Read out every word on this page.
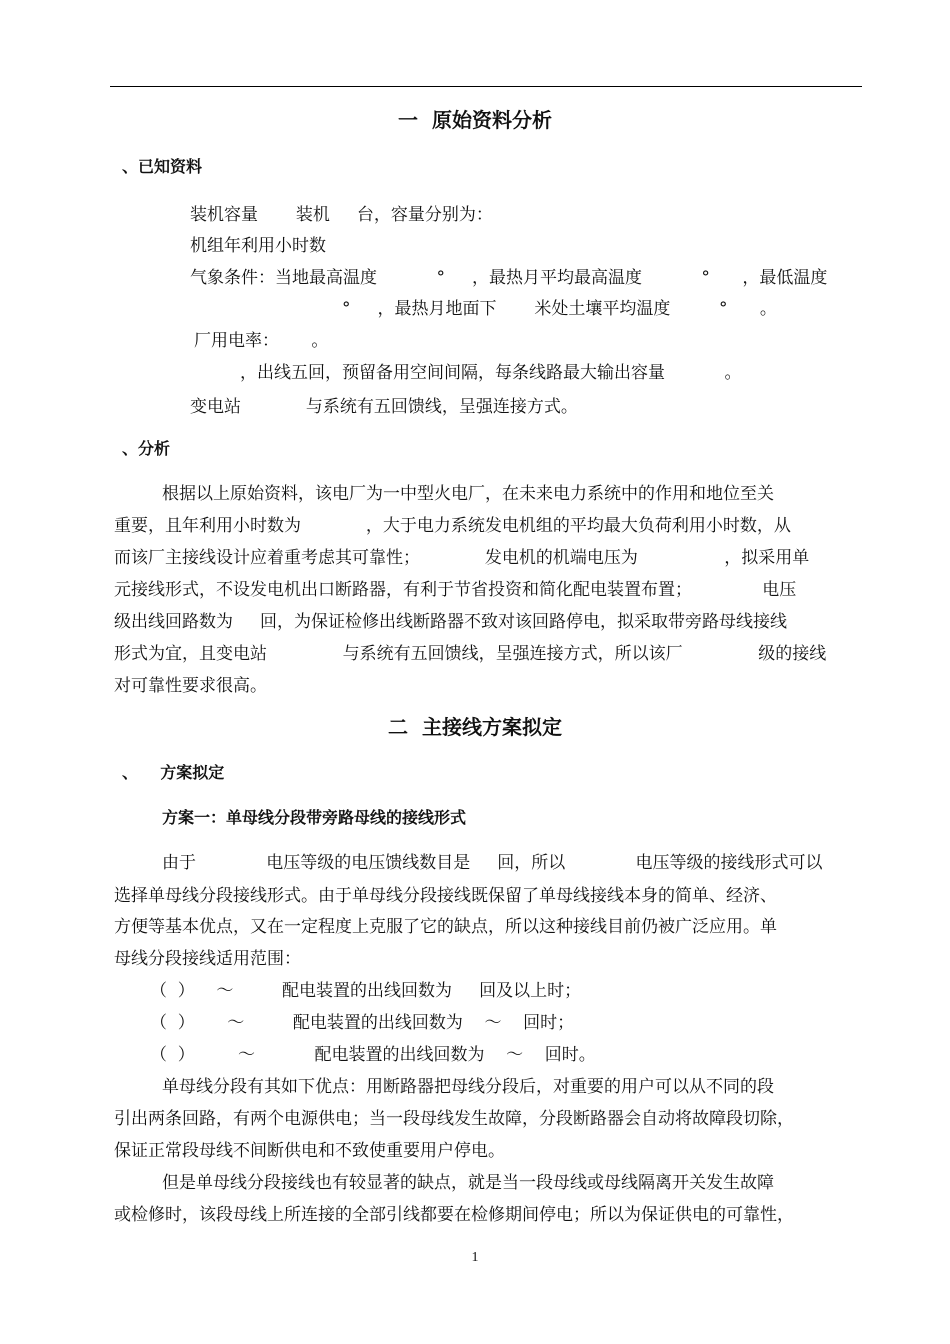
一  原始资料分析
、已知资料
装机容量       装机     台，容量分别为：
机组年利用小时数
气象条件：当地最高温度           °     ，最热月平均最高温度           °      ，最低温度
°     ，最热月地面下       米处土壤平均温度         °      。
厂用电率：      。
，出线五回，预留备用空间间隔，每条线路最大输出容量           。
变电站            与系统有五回馈线，呈强连接方式。
、分析
根据以上原始资料，该电厂为一中型火电厂，在未来电力系统中的作用和地位至关
重要，且年利用小时数为            ，大于电力系统发电机组的平均最大负荷利用小时数，从
而该厂主接线设计应着重考虑其可靠性；            发电机的机端电压为                ，拟采用单
元接线形式，不设发电机出口断路器，有利于节省投资和简化配电装置布置；             电压
级出线回路数为     回，为保证检修出线断路器不致对该回路停电，拟采取带旁路母线接线
形式为宜，且变电站              与系统有五回馈线，呈强连接方式，所以该厂              级的接线
对可靠性要求很高。
二  主接线方案拟定
、    方案拟定
方案一：单母线分段带旁路母线的接线形式
由于             电压等级的电压馈线数目是     回，所以             电压等级的接线形式可以
选择单母线分段接线形式。由于单母线分段接线既保留了单母线接线本身的简单、经济、
方便等基本优点，又在一定程度上克服了它的缺点，所以这种接线目前仍被广泛应用。单
母线分段接线适用范围：
（  ）    ～         配电装置的出线回数为     回及以上时；
（  ）      ～         配电装置的出线回数为    ～    回时；
（  ）        ～           配电装置的出线回数为    ～    回时。
单母线分段有其如下优点：用断路器把母线分段后，对重要的用户可以从不同的段
引出两条回路，有两个电源供电；当一段母线发生故障，分段断路器会自动将故障段切除，
保证正常段母线不间断供电和不致使重要用户停电。
但是单母线分段接线也有较显著的缺点，就是当一段母线或母线隔离开关发生故障
或检修时，该段母线上所连接的全部引线都要在检修期间停电；所以为保证供电的可靠性，
1
